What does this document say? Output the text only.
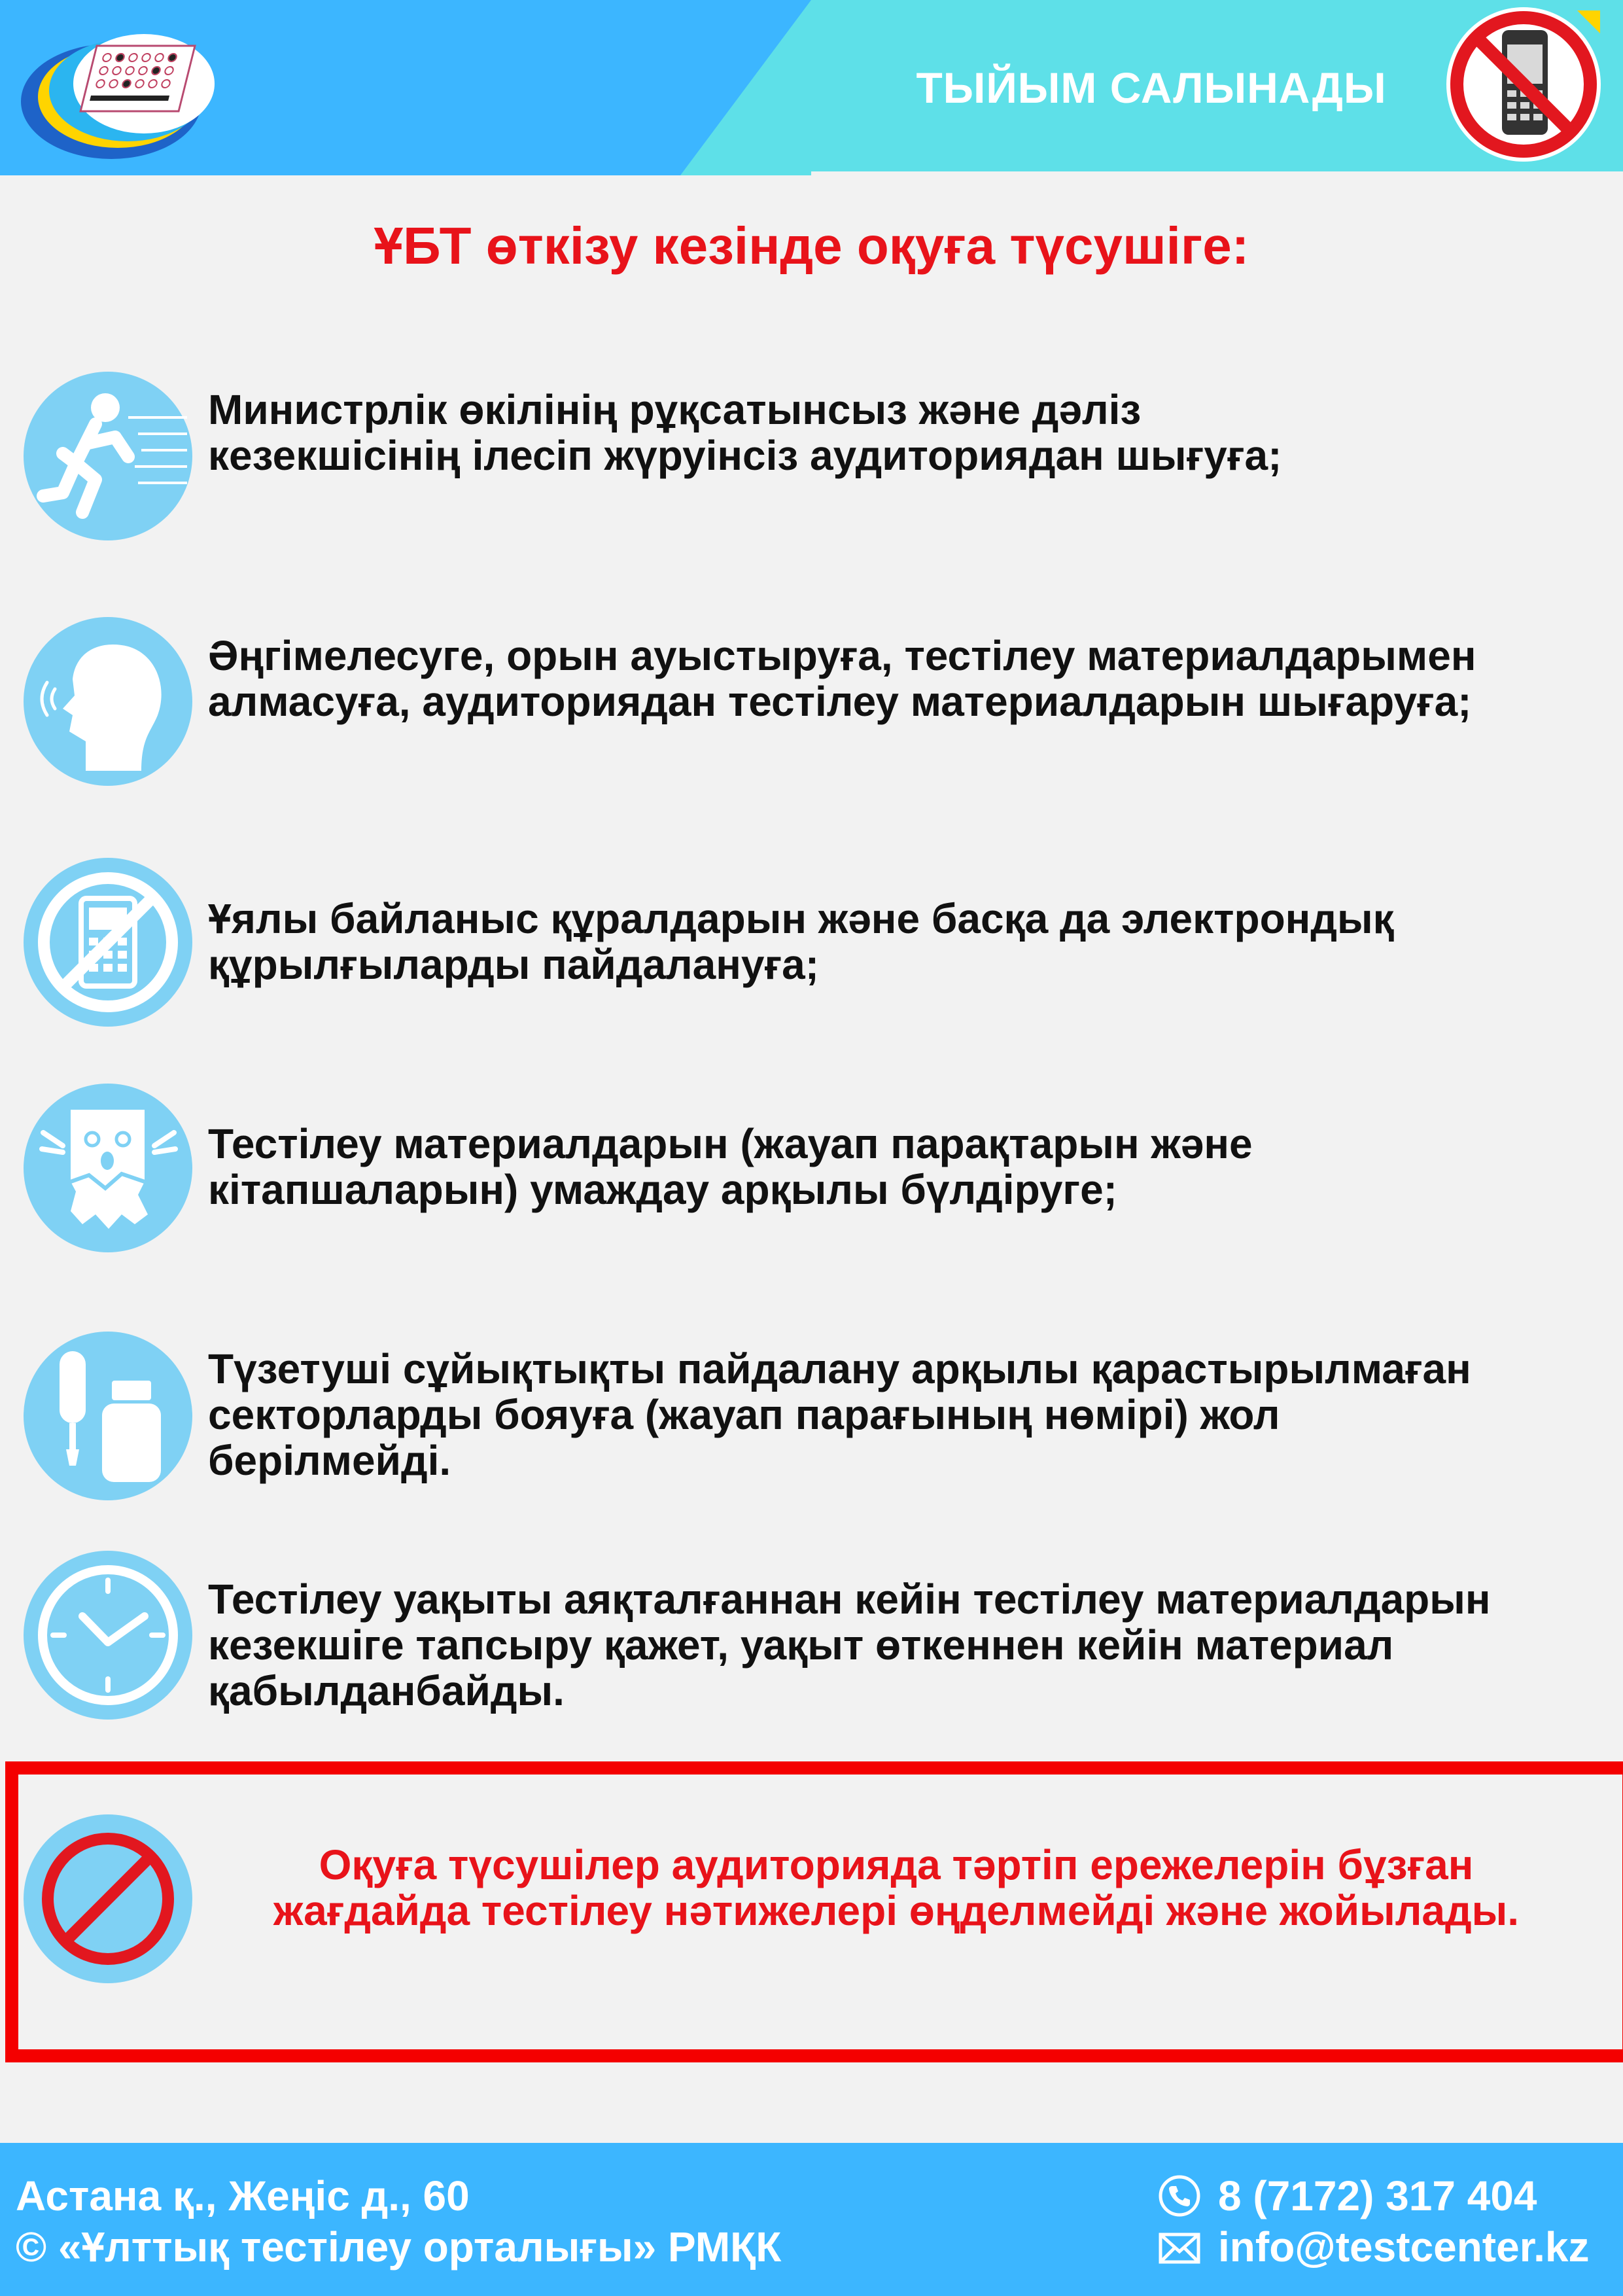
ТЫЙЫМ САЛЫНАДЫ
ҰБТ өткізу кезінде оқуға түсушіге:
Министрлік өкілінің рұқсатынсыз және дәліз
кезекшісінің ілесіп жүруінсіз аудиториядан шығуға;
Әңгімелесуге, орын ауыстыруға, тестілеу материалдарымен
алмасуға, аудиториядан тестілеу материалдарын шығаруға;
Ұялы байланыс құралдарын және басқа да электрондық
құрылғыларды пайдалануға;
Тестілеу материалдарын (жауап парақтарын және
кітапшаларын) умаждау арқылы бүлдіруге;
Түзетуші сұйықтықты пайдалану арқылы қарастырылмаған
секторларды бояуға (жауап парағының нөмірі) жол
берілмейді.
Тестілеу уақыты аяқталғаннан кейін тестілеу материалдарын
кезекшіге тапсыру қажет, уақыт өткеннен кейін материал
қабылданбайды.
Оқуға түсушілер аудиторияда тәртіп ережелерін бұзған
жағдайда тестілеу нәтижелері өңделмейді және жойылады.
Астана қ., Жеңіс д., 60
© «Ұлттық тестілеу орталығы» РМҚК
8 (7172) 317 404
info@testcenter.kz
